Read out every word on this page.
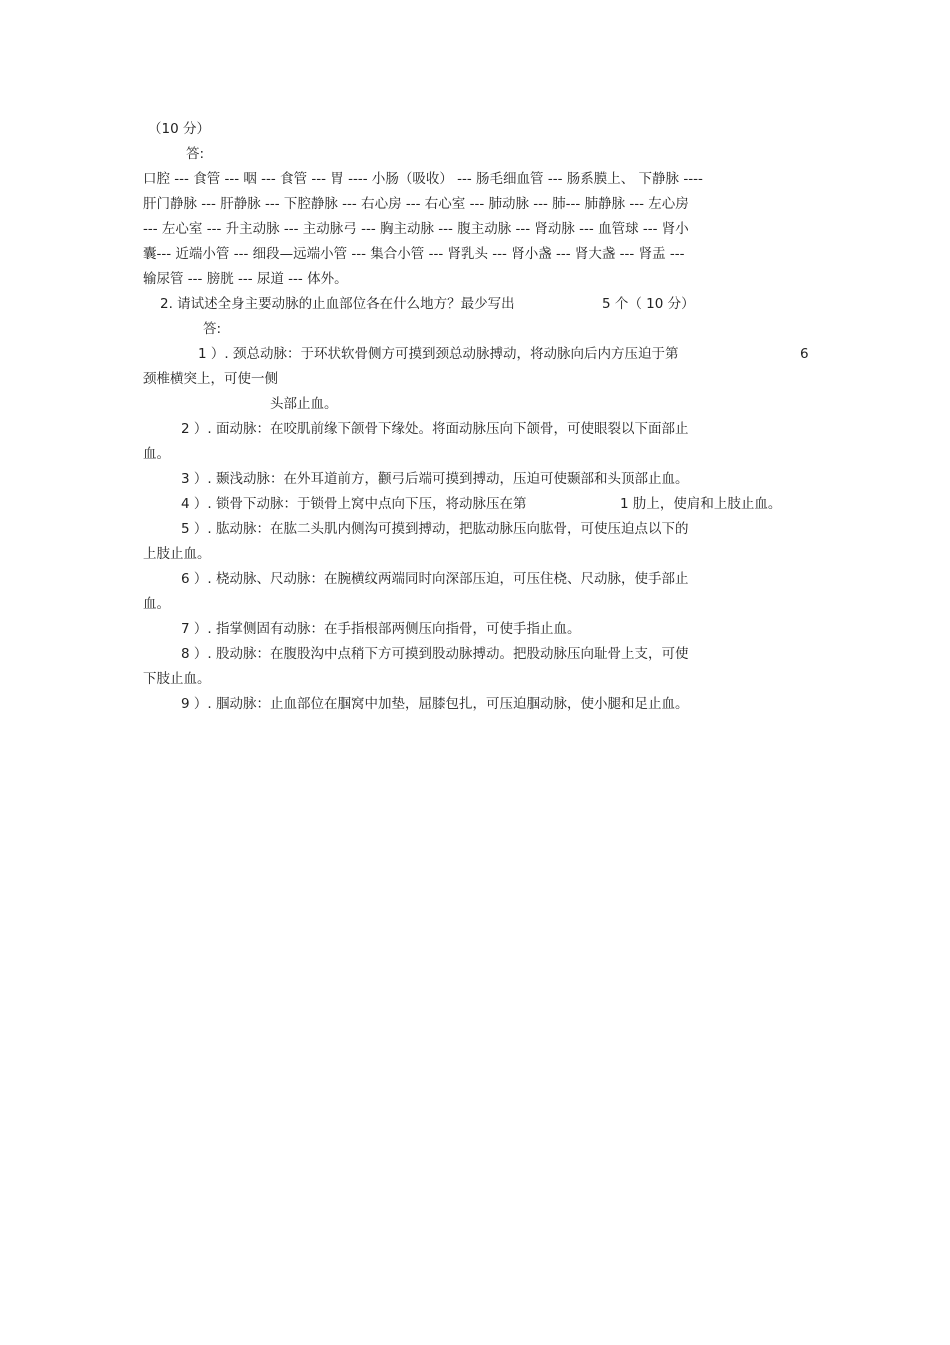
（10 分）
答:
口腔 --- 食管 --- 咽 --- 食管 --- 胃 ---- 小肠（吸收） --- 肠毛细血管 --- 肠系膜上、 下静脉 ----
肝门静脉 --- 肝静脉 --- 下腔静脉 --- 右心房 --- 右心室 --- 肺动脉 --- 肺--- 肺静脉 --- 左心房
--- 左心室 --- 升主动脉 --- 主动脉弓 --- 胸主动脉 --- 腹主动脉 --- 肾动脉 --- 血管球 --- 肾小
囊--- 近端小管 --- 细段—远端小管 --- 集合小管 --- 肾乳头 --- 肾小盏 --- 肾大盏 --- 肾盂 ---
输尿管 --- 膀胱 --- 尿道 --- 体外。
2. 请试述全身主要动脉的止血部位各在什么地方？最少写出	5 个（ 10 分）
答:
1 ）. 颈总动脉：于环状软骨侧方可摸到颈总动脉搏动，将动脉向后内方压迫于第	6
颈椎横突上，可使一侧
头部止血。
2 ）. 面动脉：在咬肌前缘下颌骨下缘处。将面动脉压向下颌骨，可使眼裂以下面部止
血。
3 ）. 颞浅动脉：在外耳道前方，颧弓后端可摸到搏动，压迫可使颞部和头顶部止血。
4 ）. 锁骨下动脉：于锁骨上窝中点向下压，将动脉压在第	1 肋上，使肩和上肢止血。
5 ）. 肱动脉：在肱二头肌内侧沟可摸到搏动，把肱动脉压向肱骨，可使压迫点以下的
上肢止血。
6 ）. 桡动脉、尺动脉：在腕横纹两端同时向深部压迫，可压住桡、尺动脉，使手部止
血。
7 ）. 指掌侧固有动脉：在手指根部两侧压向指骨，可使手指止血。
8 ）. 股动脉：在腹股沟中点稍下方可摸到股动脉搏动。把股动脉压向耻骨上支，可使
下肢止血。
9 ）. 腘动脉：止血部位在腘窝中加垫，屈膝包扎，可压迫腘动脉，使小腿和足止血。
